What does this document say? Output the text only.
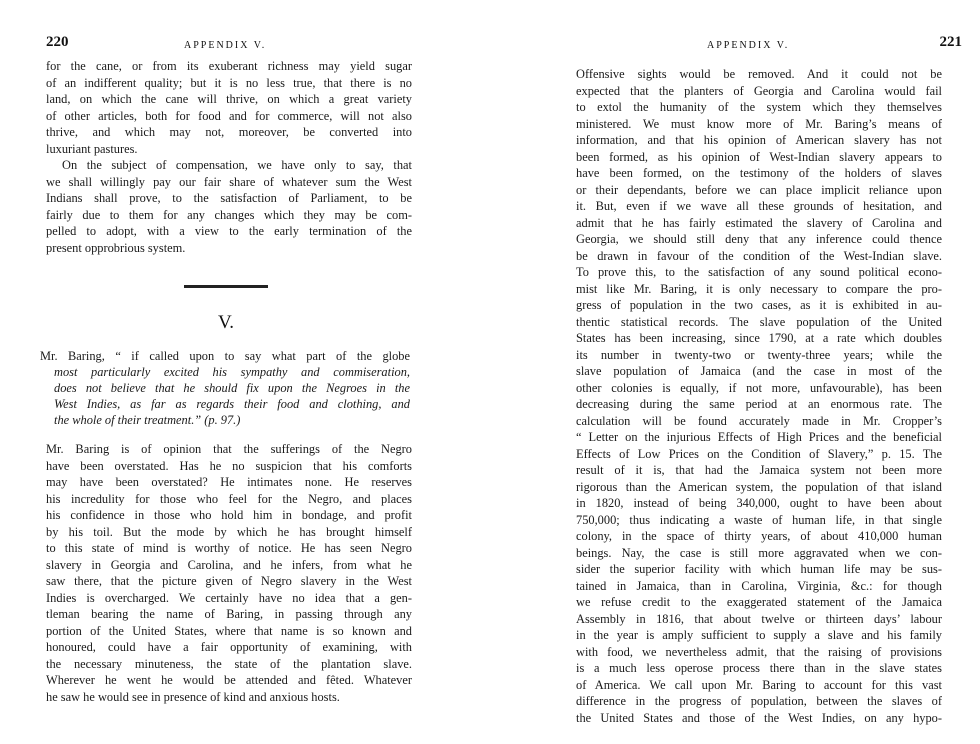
220	APPENDIX V.
for the cane, or from its exuberant richness may yield sugar
of an indifferent quality; but it is no less true, that there is no
land, on which the cane will thrive, on which a great variety
of other articles, both for food and for commerce, will not also
thrive, and which may not, moreover, be converted into
luxuriant pastures.
On the subject of compensation, we have only to say, that
we shall willingly pay our fair share of whatever sum the West
Indians shall prove, to the satisfaction of Parliament, to be
fairly due to them for any changes which they may be com-
pelled to adopt, with a view to the early termination of the
present opprobrious system.
V.
Mr. Baring, “ if called upon to say what part of the globe
most particularly excited his sympathy and commiseration,
does not believe that he should fix upon the Negroes in the
West Indies, as far as regards their food and clothing, and
the whole of their treatment.” (p. 97.)
Mr. Baring is of opinion that the sufferings of the Negro
have been overstated. Has he no suspicion that his comforts
may have been overstated? He intimates none. He reserves
his incredulity for those who feel for the Negro, and places
his confidence in those who hold him in bondage, and profit
by his toil. But the mode by which he has brought himself
to this state of mind is worthy of notice. He has seen Negro
slavery in Georgia and Carolina, and he infers, from what he
saw there, that the picture given of Negro slavery in the West
Indies is overcharged. We certainly have no idea that a gen-
tleman bearing the name of Baring, in passing through any
portion of the United States, where that name is so known and
honoured, could have a fair opportunity of examining, with
the necessary minuteness, the state of the plantation slave.
Wherever he went he would be attended and fêted. Whatever
he saw he would see in presence of kind and anxious hosts.
APPENDIX V.	221
Offensive sights would be removed. And it could not be
expected that the planters of Georgia and Carolina would fail
to extol the humanity of the system which they themselves
ministered. We must know more of Mr. Baring’s means of
information, and that his opinion of American slavery has not
been formed, as his opinion of West-Indian slavery appears to
have been formed, on the testimony of the holders of slaves
or their dependants, before we can place implicit reliance upon
it. But, even if we wave all these grounds of hesitation, and
admit that he has fairly estimated the slavery of Carolina and
Georgia, we should still deny that any inference could thence
be drawn in favour of the condition of the West-Indian slave.
To prove this, to the satisfaction of any sound political econo-
mist like Mr. Baring, it is only necessary to compare the pro-
gress of population in the two cases, as it is exhibited in au-
thentic statistical records. The slave population of the United
States has been increasing, since 1790, at a rate which doubles
its number in twenty-two or twenty-three years; while the
slave population of Jamaica (and the case in most of the
other colonies is equally, if not more, unfavourable), has been
decreasing during the same period at an enormous rate. The
calculation will be found accurately made in Mr. Cropper’s
“ Letter on the injurious Effects of High Prices and the beneficial
Effects of Low Prices on the Condition of Slavery,” p. 15. The
result of it is, that had the Jamaica system not been more
rigorous than the American system, the population of that island
in 1820, instead of being 340,000, ought to have been about
750,000; thus indicating a waste of human life, in that single
colony, in the space of thirty years, of about 410,000 human
beings. Nay, the case is still more aggravated when we con-
sider the superior facility with which human life may be sus-
tained in Jamaica, than in Carolina, Virginia, &c.: for though
we refuse credit to the exaggerated statement of the Jamaica
Assembly in 1816, that about twelve or thirteen days’ labour
in the year is amply sufficient to supply a slave and his family
with food, we nevertheless admit, that the raising of provisions
is a much less operose process there than in the slave states
of America. We call upon Mr. Baring to account for this vast
difference in the progress of population, between the slaves of
the United States and those of the West Indies, on any hypo-
